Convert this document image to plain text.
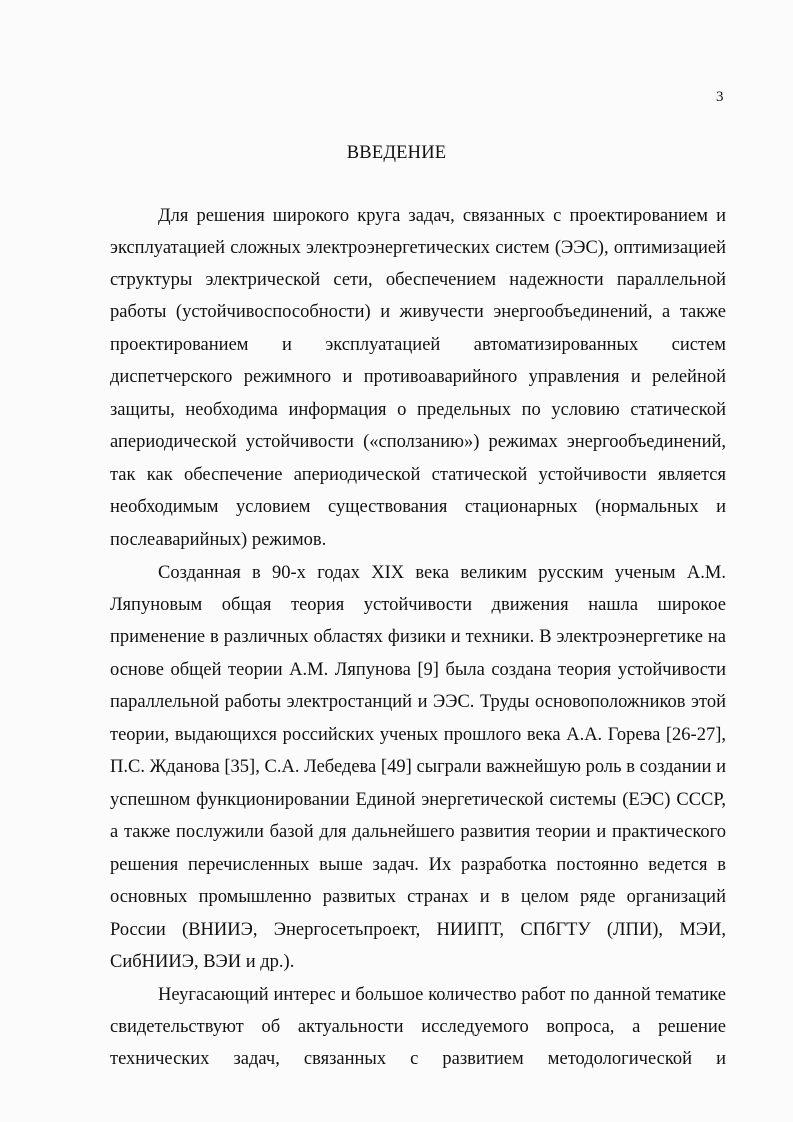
3
ВВЕДЕНИЕ
Для решения широкого круга задач, связанных с проектированием и
эксплуатацией сложных электроэнергетических систем (ЭЭС), оптимизацией
структуры электрической сети, обеспечением надежности параллельной
работы (устойчивоспособности) и живучести энергообъединений, а также
проектированием и эксплуатацией автоматизированных систем
диспетчерского режимного и противоаварийного управления и релейной
защиты, необходима информация о предельных по условию статической
апериодической устойчивости («сползанию») режимах энергообъединений,
так как обеспечение апериодической статической устойчивости является
необходимым условием существования стационарных (нормальных и
послеаварийных) режимов.
Созданная в 90-х годах XIX века великим русским ученым А.М.
Ляпуновым общая теория устойчивости движения нашла широкое
применение в различных областях физики и техники. В электроэнергетике на
основе общей теории А.М. Ляпунова [9] была создана теория устойчивости
параллельной работы электростанций и ЭЭС. Труды основоположников этой
теории, выдающихся российских ученых прошлого века А.А. Горева [26-27],
П.С. Жданова [35], С.А. Лебедева [49] сыграли важнейшую роль в создании и
успешном функционировании Единой энергетической системы (ЕЭС) СССР,
а также послужили базой для дальнейшего развития теории и практического
решения перечисленных выше задач. Их разработка постоянно ведется в
основных промышленно развитых странах и в целом ряде организаций
России (ВНИИЭ, Энергосетьпроект, НИИПТ, СПбГТУ (ЛПИ), МЭИ,
СибНИИЭ, ВЭИ и др.).
Неугасающий интерес и большое количество работ по данной тематике
свидетельствуют об актуальности исследуемого вопроса, а решение
технических задач, связанных с развитием методологической и
